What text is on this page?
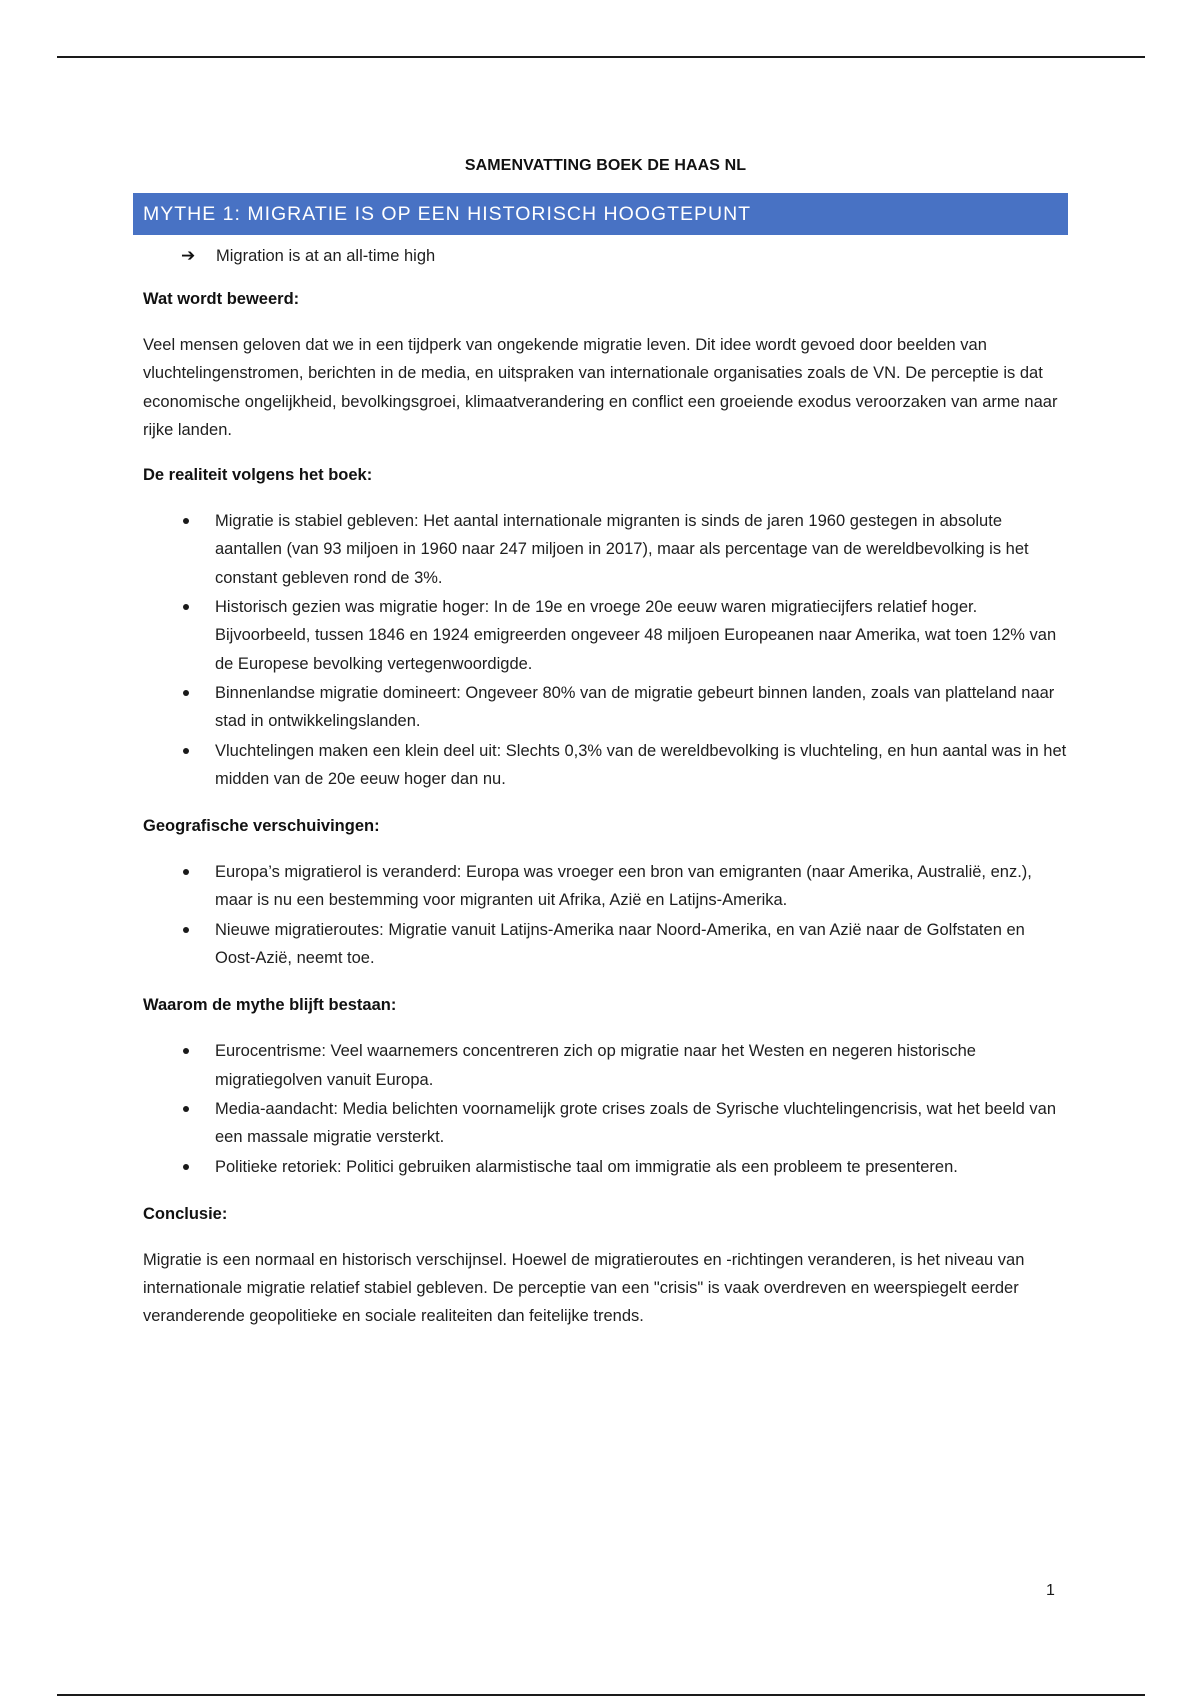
SAMENVATTING BOEK DE HAAS NL
MYTHE 1: MIGRATIE IS OP EEN HISTORISCH HOOGTEPUNT
➔	Migration is at an all-time high
Wat wordt beweerd:

Veel mensen geloven dat we in een tijdperk van ongekende migratie leven. Dit idee wordt gevoed door beelden van vluchtelingenstromen, berichten in de media, en uitspraken van internationale organisaties zoals de VN. De perceptie is dat economische ongelijkheid, bevolkingsgroei, klimaatverandering en conflict een groeiende exodus veroorzaken van arme naar rijke landen.

De realiteit volgens het boek:
Migratie is stabiel gebleven: Het aantal internationale migranten is sinds de jaren 1960 gestegen in absolute aantallen (van 93 miljoen in 1960 naar 247 miljoen in 2017), maar als percentage van de wereldbevolking is het constant gebleven rond de 3%.
Historisch gezien was migratie hoger: In de 19e en vroege 20e eeuw waren migratiecijfers relatief hoger. Bijvoorbeeld, tussen 1846 en 1924 emigreerden ongeveer 48 miljoen Europeanen naar Amerika, wat toen 12% van de Europese bevolking vertegenwoordigde.
Binnenlandse migratie domineert: Ongeveer 80% van de migratie gebeurt binnen landen, zoals van platteland naar stad in ontwikkelingslanden.
Vluchtelingen maken een klein deel uit: Slechts 0,3% van de wereldbevolking is vluchteling, en hun aantal was in het midden van de 20e eeuw hoger dan nu.
Geografische verschuivingen:
Europa’s migratierol is veranderd: Europa was vroeger een bron van emigranten (naar Amerika, Australië, enz.), maar is nu een bestemming voor migranten uit Afrika, Azië en Latijns-Amerika.
Nieuwe migratieroutes: Migratie vanuit Latijns-Amerika naar Noord-Amerika, en van Azië naar de Golfstaten en Oost-Azië, neemt toe.
Waarom de mythe blijft bestaan:
Eurocentrisme: Veel waarnemers concentreren zich op migratie naar het Westen en negeren historische migratiegolven vanuit Europa.
Media-aandacht: Media belichten voornamelijk grote crises zoals de Syrische vluchtelingencrisis, wat het beeld van een massale migratie versterkt.
Politieke retoriek: Politici gebruiken alarmistische taal om immigratie als een probleem te presenteren.
Conclusie:

Migratie is een normaal en historisch verschijnsel. Hoewel de migratieroutes en -richtingen veranderen, is het niveau van internationale migratie relatief stabiel gebleven. De perceptie van een "crisis" is vaak overdreven en weerspiegelt eerder veranderende geopolitieke en sociale realiteiten dan feitelijke trends.

1
